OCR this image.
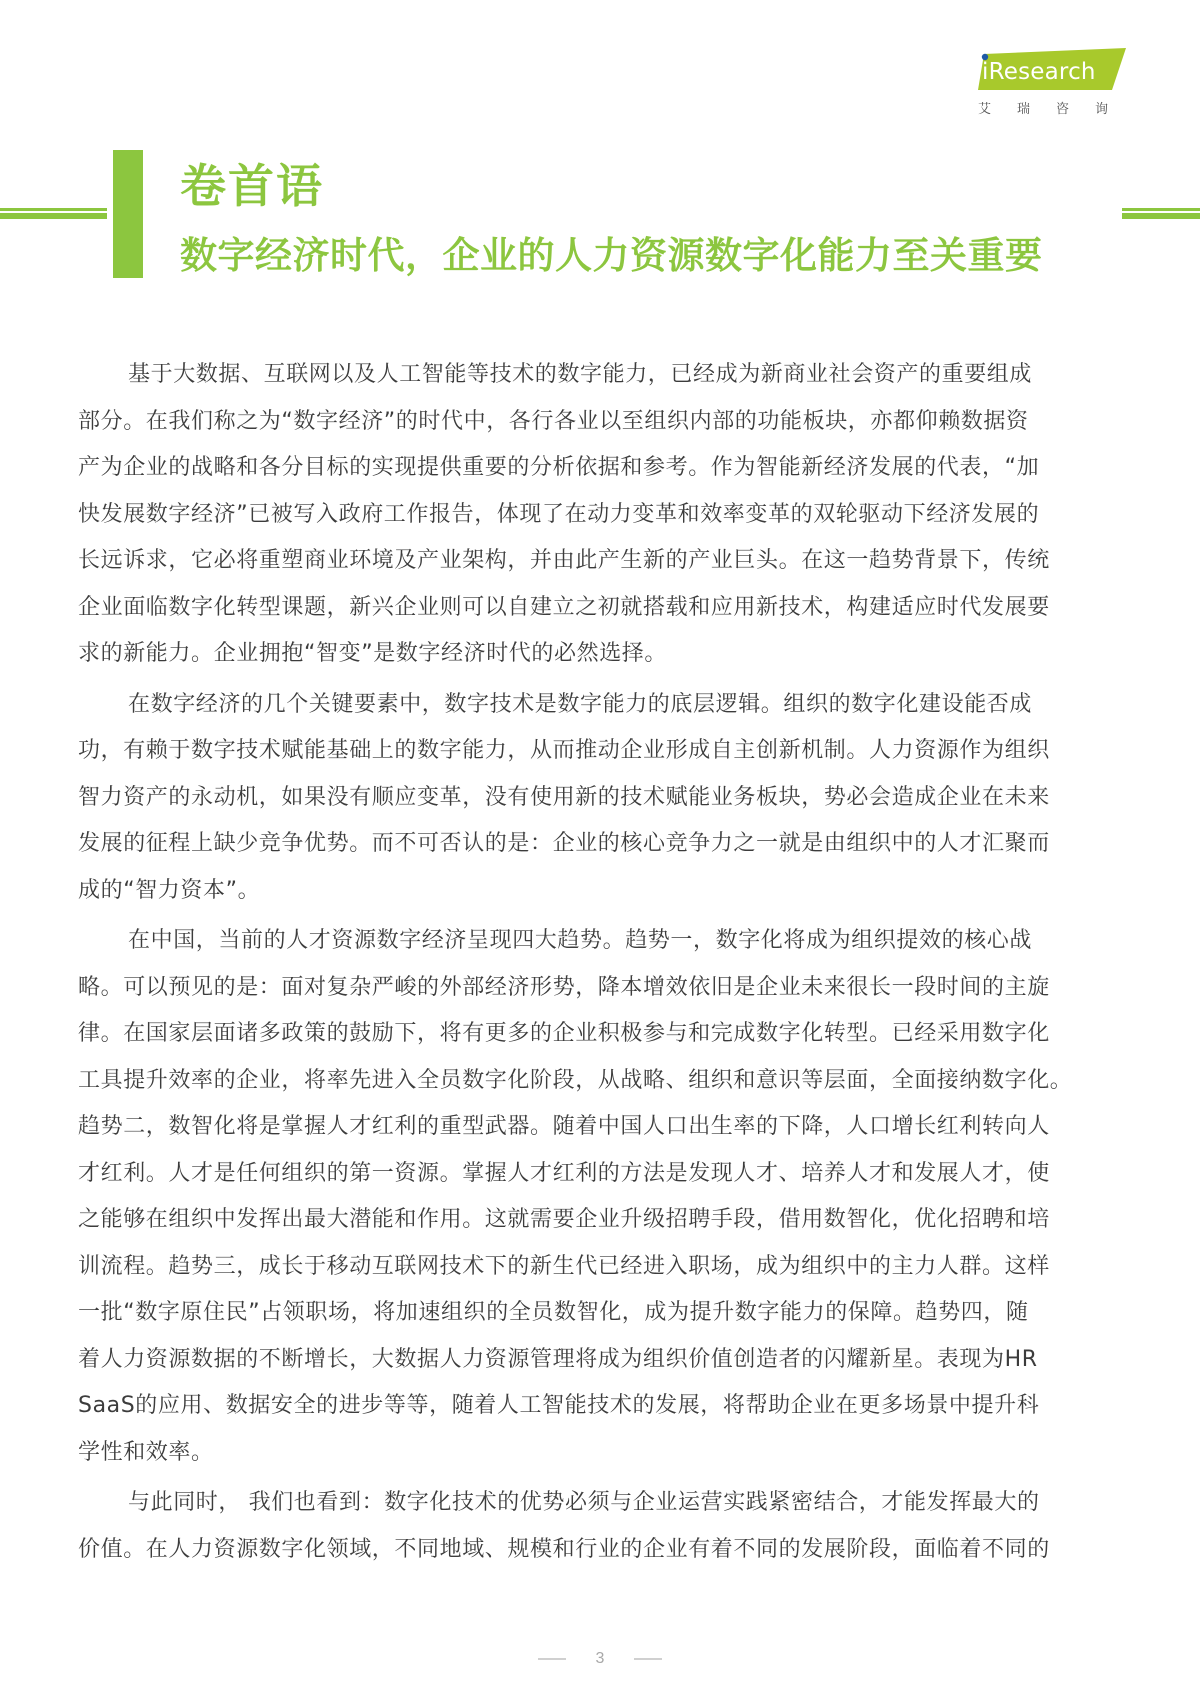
iResearch
艾 瑞 咨 询
卷首语
数字经济时代，企业的人力资源数字化能力至关重要
基于大数据、互联网以及人工智能等技术的数字能力，已经成为新商业社会资产的重要组成
部分。在我们称之为“数字经济”的时代中，各行各业以至组织内部的功能板块，亦都仰赖数据资
产为企业的战略和各分目标的实现提供重要的分析依据和参考。作为智能新经济发展的代表，“加
快发展数字经济”已被写入政府工作报告，体现了在动力变革和效率变革的双轮驱动下经济发展的
长远诉求，它必将重塑商业环境及产业架构，并由此产生新的产业巨头。在这一趋势背景下，传统
企业面临数字化转型课题，新兴企业则可以自建立之初就搭载和应用新技术，构建适应时代发展要
求的新能力。企业拥抱“智变”是数字经济时代的必然选择。
在数字经济的几个关键要素中，数字技术是数字能力的底层逻辑。组织的数字化建设能否成
功，有赖于数字技术赋能基础上的数字能力，从而推动企业形成自主创新机制。人力资源作为组织
智力资产的永动机，如果没有顺应变革，没有使用新的技术赋能业务板块，势必会造成企业在未来
发展的征程上缺少竞争优势。而不可否认的是：企业的核心竞争力之一就是由组织中的人才汇聚而
成的“智力资本”。
在中国，当前的人才资源数字经济呈现四大趋势。趋势一，数字化将成为组织提效的核心战
略。可以预见的是：面对复杂严峻的外部经济形势，降本增效依旧是企业未来很长一段时间的主旋
律。在国家层面诸多政策的鼓励下，将有更多的企业积极参与和完成数字化转型。已经采用数字化
工具提升效率的企业，将率先进入全员数字化阶段，从战略、组织和意识等层面，全面接纳数字化。
趋势二，数智化将是掌握人才红利的重型武器。随着中国人口出生率的下降，人口增长红利转向人
才红利。人才是任何组织的第一资源。掌握人才红利的方法是发现人才、培养人才和发展人才，使
之能够在组织中发挥出最大潜能和作用。这就需要企业升级招聘手段，借用数智化，优化招聘和培
训流程。趋势三，成长于移动互联网技术下的新生代已经进入职场，成为组织中的主力人群。这样
一批“数字原住民”占领职场，将加速组织的全员数智化，成为提升数字能力的保障。趋势四，随
着人力资源数据的不断增长，大数据人力资源管理将成为组织价值创造者的闪耀新星。表现为HR
SaaS的应用、数据安全的进步等等，随着人工智能技术的发展，将帮助企业在更多场景中提升科
学性和效率。
与此同时， 我们也看到：数字化技术的优势必须与企业运营实践紧密结合，才能发挥最大的
价值。在人力资源数字化领域，不同地域、规模和行业的企业有着不同的发展阶段，面临着不同的
3
